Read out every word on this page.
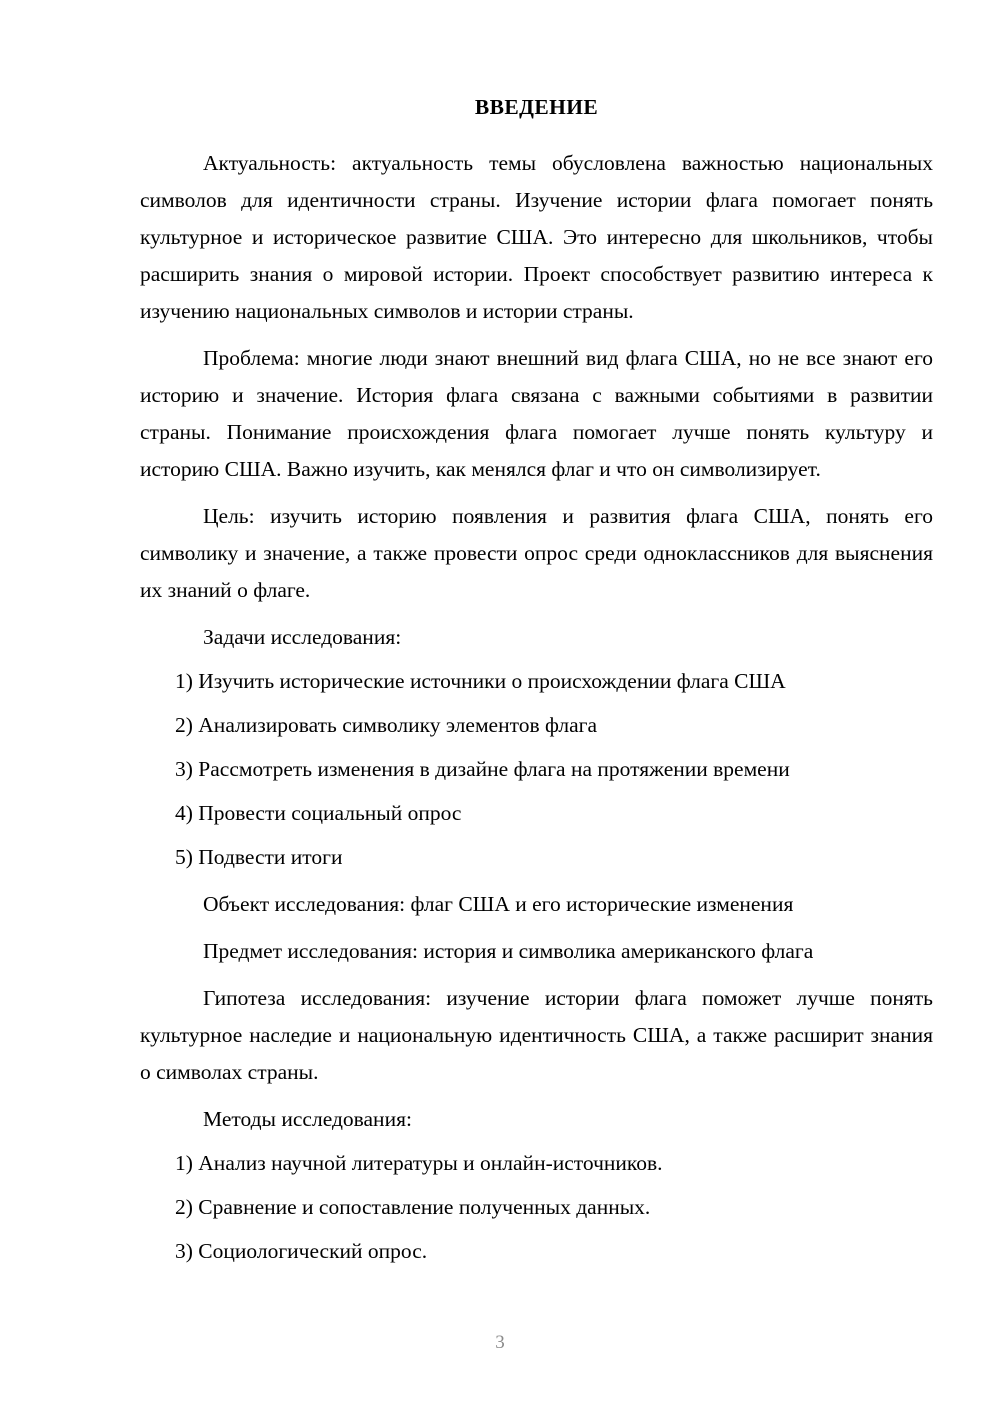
ВВЕДЕНИЕ

Актуальность: актуальность темы обусловлена важностью национальных символов для идентичности страны. Изучение истории флага помогает понять культурное и историческое развитие США. Это интересно для школьников, чтобы расширить знания о мировой истории. Проект способствует развитию интереса к изучению национальных символов и истории страны.

Проблема: многие люди знают внешний вид флага США, но не все знают его историю и значение. История флага связана с важными событиями в развитии страны. Понимание происхождения флага помогает лучше понять культуру и историю США. Важно изучить, как менялся флаг и что он символизирует.

Цель: изучить историю появления и развития флага США, понять его символику и значение, а также провести опрос среди одноклассников для выяснения их знаний о флаге.

Задачи исследования:
1) Изучить исторические источники о происхождении флага США
2) Анализировать символику элементов флага
3) Рассмотреть изменения в дизайне флага на протяжении времени
4) Провести социальный опрос
5) Подвести итоги
Объект исследования: флаг США и его исторические изменения
Предмет исследования: история и символика американского флага

Гипотеза исследования: изучение истории флага поможет лучше понять культурное наследие и национальную идентичность США, а также расширит знания о символах страны.

Методы исследования:
1) Анализ научной литературы и онлайн-источников.
2) Сравнение и сопоставление полученных данных.
3) Социологический опрос.
3
